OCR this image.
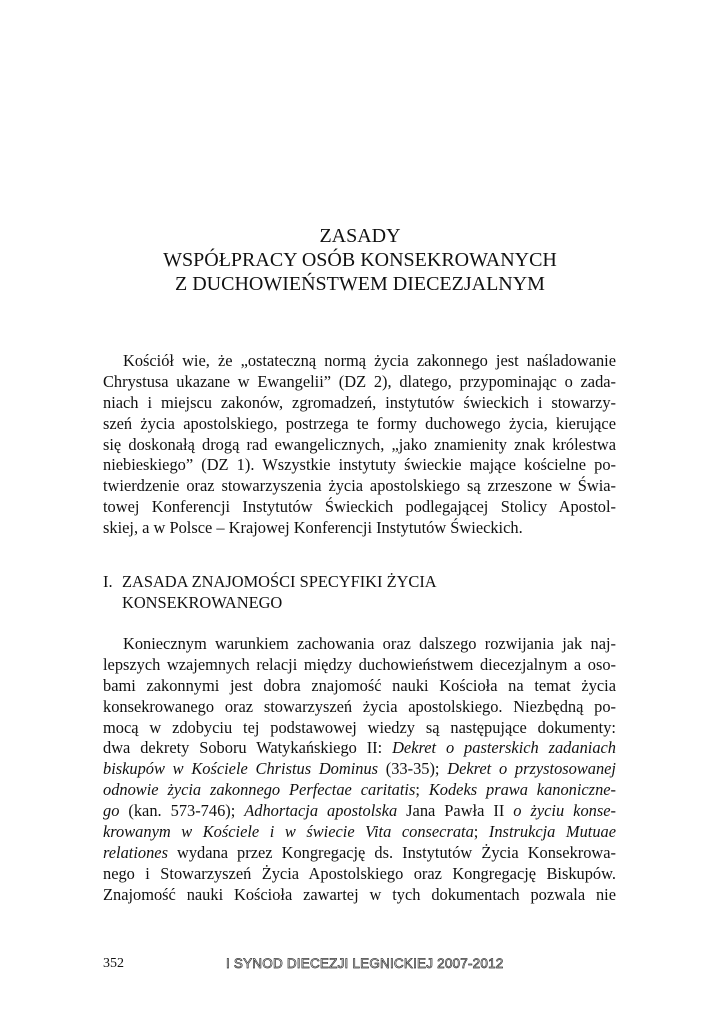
ZASADY
WSPÓŁPRACY OSÓB KONSEKROWANYCH
Z DUCHOWIEŃSTWEM DIECEZJALNYM
Kościół wie, że „ostateczną normą życia zakonnego jest naśladowanie
Chrystusa ukazane w Ewangelii” (DZ 2), dlatego, przypominając o zada-
niach i miejscu zakonów, zgromadzeń, instytutów świeckich i stowarzy-
szeń życia apostolskiego, postrzega te formy duchowego życia, kierujące
się doskonałą drogą rad ewangelicznych, „jako znamienity znak królestwa
niebieskiego” (DZ 1). Wszystkie instytuty świeckie mające kościelne po-
twierdzenie oraz stowarzyszenia życia apostolskiego są zrzeszone w Świa-
towej Konferencji Instytutów Świeckich podlegającej Stolicy Apostol-
skiej, a w Polsce – Krajowej Konferencji Instytutów Świeckich.
I. ZASADA ZNAJOMOŚCI SPECYFIKI ŻYCIA
KONSEKROWANEGO
Koniecznym warunkiem zachowania oraz dalszego rozwijania jak naj-
lepszych wzajemnych relacji między duchowieństwem diecezjalnym a oso-
bami zakonnymi jest dobra znajomość nauki Kościoła na temat życia
konsekrowanego oraz stowarzyszeń życia apostolskiego. Niezbędną po-
mocą w zdobyciu tej podstawowej wiedzy są następujące dokumenty:
dwa dekrety Soboru Watykańskiego II: Dekret o pasterskich zadaniach
biskupów w Kościele Christus Dominus (33-35); Dekret o przystosowanej
odnowie życia zakonnego Perfectae caritatis; Kodeks prawa kanoniczne-
go (kan. 573-746); Adhortacja apostolska Jana Pawła II o życiu konse-
krowanym w Kościele i w świecie Vita consecrata; Instrukcja Mutuae
relationes wydana przez Kongregację ds. Instytutów Życia Konsekrowa-
nego i Stowarzyszeń Życia Apostolskiego oraz Kongregację Biskupów.
Znajomość nauki Kościoła zawartej w tych dokumentach pozwala nie
352	I SYNOD DIECEZJI LEGNICKIEJ 2007-2012
